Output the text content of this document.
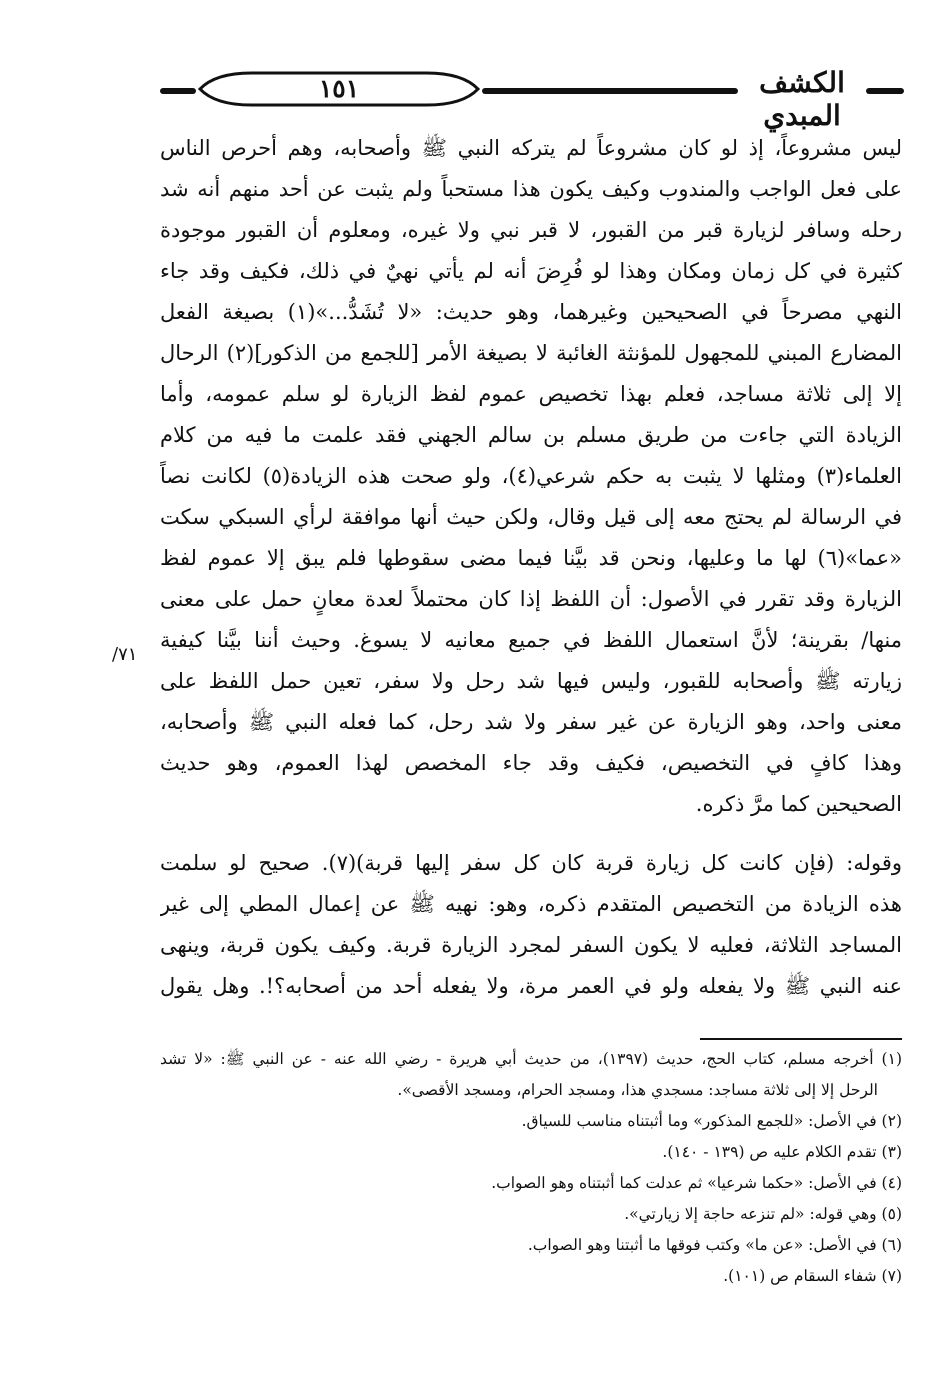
١٥١	الكشف المبدي
٧١/
ليس مشروعاً، إذ لو كان مشروعاً لم يتركه النبي ﷺ وأصحابه، وهم أحرص الناس
على فعل الواجب والمندوب وكيف يكون هذا مستحباً ولم يثبت عن أحد منهم أنه شد
رحله وسافر لزيارة قبر من القبور، لا قبر نبي ولا غيره، ومعلوم أن القبور موجودة
كثيرة في كل زمان ومكان وهذا لو فُرِضَ أنه لم يأتي نهيٌ في ذلك، فكيف وقد جاء
النهي مصرحاً في الصحيحين وغيرهما، وهو حديث: «لا تُشَدُّ...»(١) بصيغة الفعل
المضارع المبني للمجهول للمؤنثة الغائبة لا بصيغة الأمر [للجمع من الذكور](٢) الرحال
إلا إلى ثلاثة مساجد، فعلم بهذا تخصيص عموم لفظ الزيارة لو سلم عمومه، وأما
الزيادة التي جاءت من طريق مسلم بن سالم الجهني فقد علمت ما فيه من كلام
العلماء(٣) ومثلها لا يثبت به حكم شرعي(٤)، ولو صحت هذه الزيادة(٥) لكانت نصاً
في الرسالة لم يحتج معه إلى قيل وقال، ولكن حيث أنها موافقة لرأي السبكي سكت
«عما»(٦) لها ما وعليها، ونحن قد بيَّنا فيما مضى سقوطها فلم يبق إلا عموم لفظ
الزيارة وقد تقرر في الأصول: أن اللفظ إذا كان محتملاً لعدة معانٍ حمل على معنى
منها/ بقرينة؛ لأنَّ استعمال اللفظ في جميع معانيه لا يسوغ. وحيث أننا بيَّنا كيفية
زيارته ﷺ وأصحابه للقبور، وليس فيها شد رحل ولا سفر، تعين حمل اللفظ على
معنى واحد، وهو الزيارة عن غير سفر ولا شد رحل، كما فعله النبي ﷺ وأصحابه،
وهذا كافٍ في التخصيص، فكيف وقد جاء المخصص لهذا العموم، وهو حديث
الصحيحين كما مرَّ ذكره.
وقوله: (فإن كانت كل زيارة قربة كان كل سفر إليها قربة)(٧). صحيح لو سلمت
هذه الزيادة من التخصيص المتقدم ذكره، وهو: نهيه ﷺ عن إعمال المطي إلى غير
المساجد الثلاثة، فعليه لا يكون السفر لمجرد الزيارة قربة. وكيف يكون قربة، وينهى
عنه النبي ﷺ ولا يفعله ولو في العمر مرة، ولا يفعله أحد من أصحابه؟!. وهل يقول
(١) أخرجه مسلم، كتاب الحج، حديث (١٣٩٧)، من حديث أبي هريرة - رضي الله عنه - عن النبي ﷺ: «لا تشد
الرحل إلا إلى ثلاثة مساجد: مسجدي هذا، ومسجد الحرام، ومسجد الأقصى».
(٢) في الأصل: «للجمع المذكور» وما أثبتناه مناسب للسياق.
(٣) تقدم الكلام عليه ص (١٣٩ - ١٤٠).
(٤) في الأصل: «حكما شرعيا» ثم عدلت كما أثبتناه وهو الصواب.
(٥) وهي قوله: «لم تنزعه حاجة إلا زيارتي».
(٦) في الأصل: «عن ما» وكتب فوقها ما أثبتنا وهو الصواب.
(٧) شفاء السقام ص (١٠١).
